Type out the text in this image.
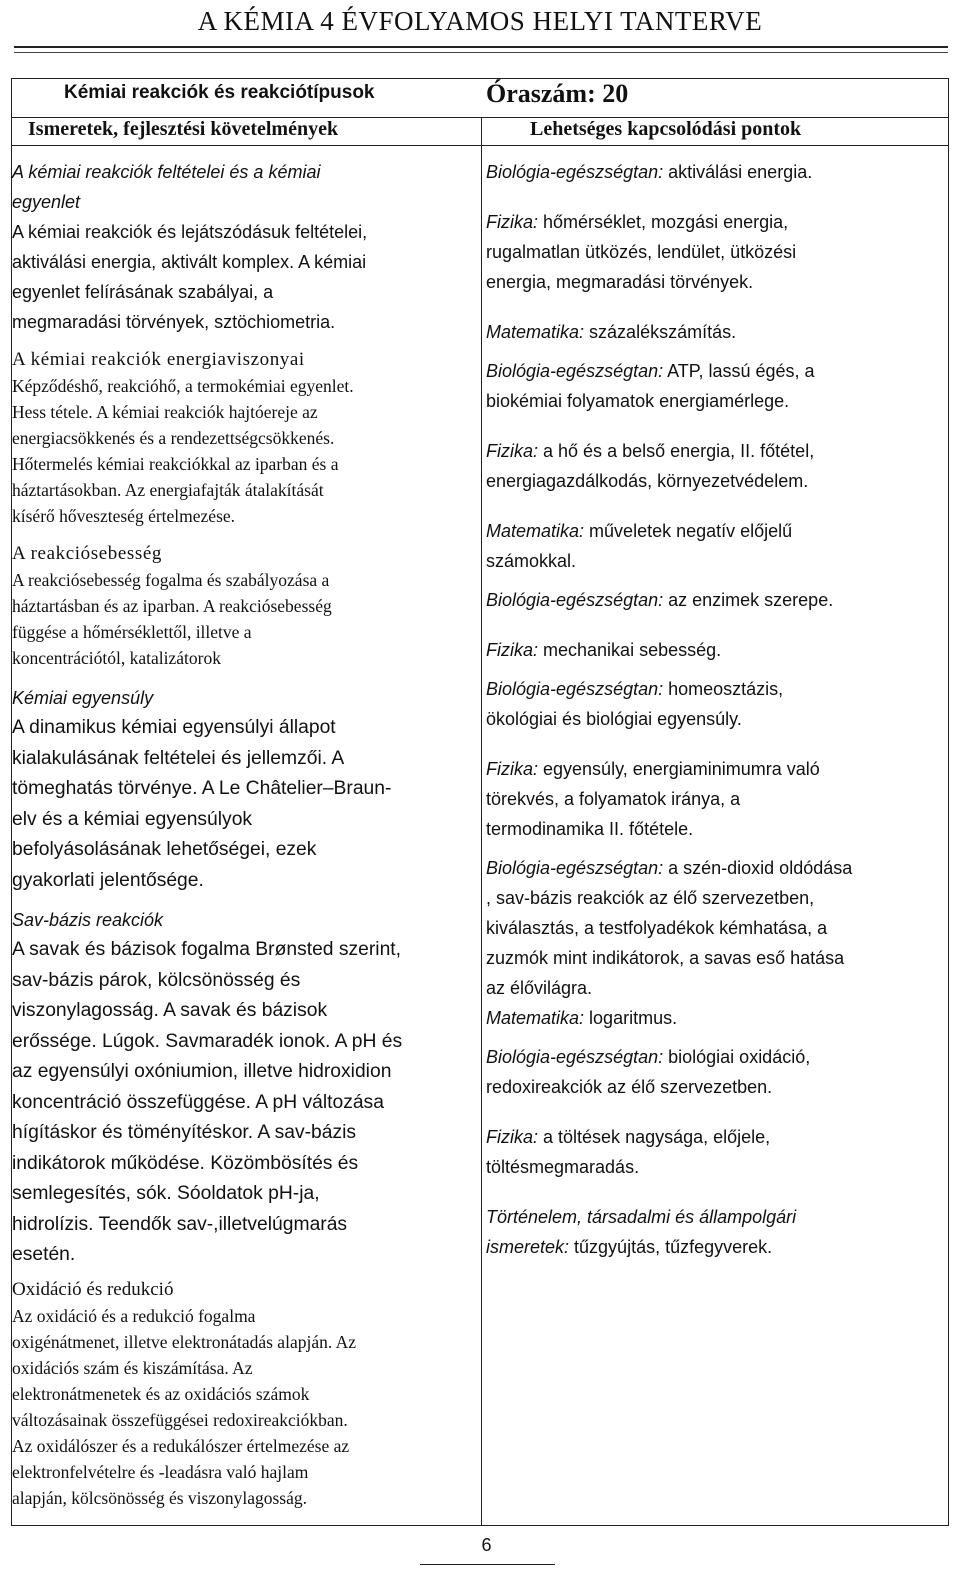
A KÉMIA 4 ÉVFOLYAMOS HELYI TANTERVE
Kémiai reakciók és reakciótípusok	Óraszám: 20
Ismeretek, fejlesztési követelmények	Lehetséges kapcsolódási pontok
A kémiai reakciók feltételei és a kémiai
egyenlet
A kémiai reakciók és lejátszódásuk feltételei,
aktiválási energia, aktivált komplex. A kémiai
egyenlet felírásának szabályai, a
megmaradási törvények, sztöchiometria.
A kémiai reakciók energiaviszonyai
Képződéshő, reakcióhő, a termokémiai egyenlet.
Hess tétele. A kémiai reakciók hajtóereje az
energiacsökkenés és a rendezettségcsökkenés.
Hőtermelés kémiai reakciókkal az iparban és a
háztartásokban. Az energiafajták átalakítását
kísérő hőveszteség értelmezése.
A reakciósebesség
A reakciósebesség fogalma és szabályozása a
háztartásban és az iparban. A reakciósebesség
függése a hőmérséklettől, illetve a
koncentrációtól, katalizátorok
Kémiai egyensúly
A dinamikus kémiai egyensúlyi állapot
kialakulásának feltételei és jellemzői. A
tömeghatás törvénye. A Le Châtelier–Braun-
elv és a kémiai egyensúlyok
befolyásolásának lehetőségei, ezek
gyakorlati jelentősége.
Sav-bázis reakciók
A savak és bázisok fogalma Brønsted szerint,
sav-bázis párok, kölcsönösség és
viszonylagosság. A savak és bázisok
erőssége. Lúgok. Savmaradék ionok. A pH és
az egyensúlyi oxóniumion, illetve hidroxidion
koncentráció összefüggése. A pH változása
hígításkor és töményítéskor. A sav-bázis
indikátorok működése. Közömbösítés és
semlegesítés, sók. Sóoldatok pH-ja,
hidrolízis. Teendők sav-,illetvelúgmarás
esetén.
Oxidáció és redukció
Az oxidáció és a redukció fogalma
oxigénátmenet, illetve elektronátadás alapján. Az
oxidációs szám és kiszámítása. Az
elektronátmenetek és az oxidációs számok
változásainak összefüggései redoxireakciókban.
Az oxidálószer és a redukálószer értelmezése az
elektronfelvételre és -leadásra való hajlam
alapján, kölcsönösség és viszonylagosság.
Biológia-egészségtan: aktiválási energia.
Fizika: hőmérséklet, mozgási energia,
rugalmatlan ütközés, lendület, ütközési
energia, megmaradási törvények.
Matematika: százalékszámítás.
Biológia-egészségtan: ATP, lassú égés, a
biokémiai folyamatok energiamérlege.
Fizika: a hő és a belső energia, II. főtétel,
energiagazdálkodás, környezetvédelem.
Matematika: műveletek negatív előjelű
számokkal.
Biológia-egészségtan: az enzimek szerepe.
Fizika: mechanikai sebesség.
Biológia-egészségtan: homeosztázis,
ökológiai és biológiai egyensúly.
Fizika: egyensúly, energiaminimumra való
törekvés, a folyamatok iránya, a
termodinamika II. főtétele.
Biológia-egészségtan: a szén-dioxid oldódása
, sav-bázis reakciók az élő szervezetben,
kiválasztás, a testfolyadékok kémhatása, a
zuzmók mint indikátorok, a savas eső hatása
az élővilágra.
Matematika: logaritmus.
Biológia-egészségtan: biológiai oxidáció,
redoxireakciók az élő szervezetben.
Fizika: a töltések nagysága, előjele,
töltésmegmaradás.
Történelem, társadalmi és állampolgári
ismeretek: tűzgyújtás, tűzfegyverek.
6
